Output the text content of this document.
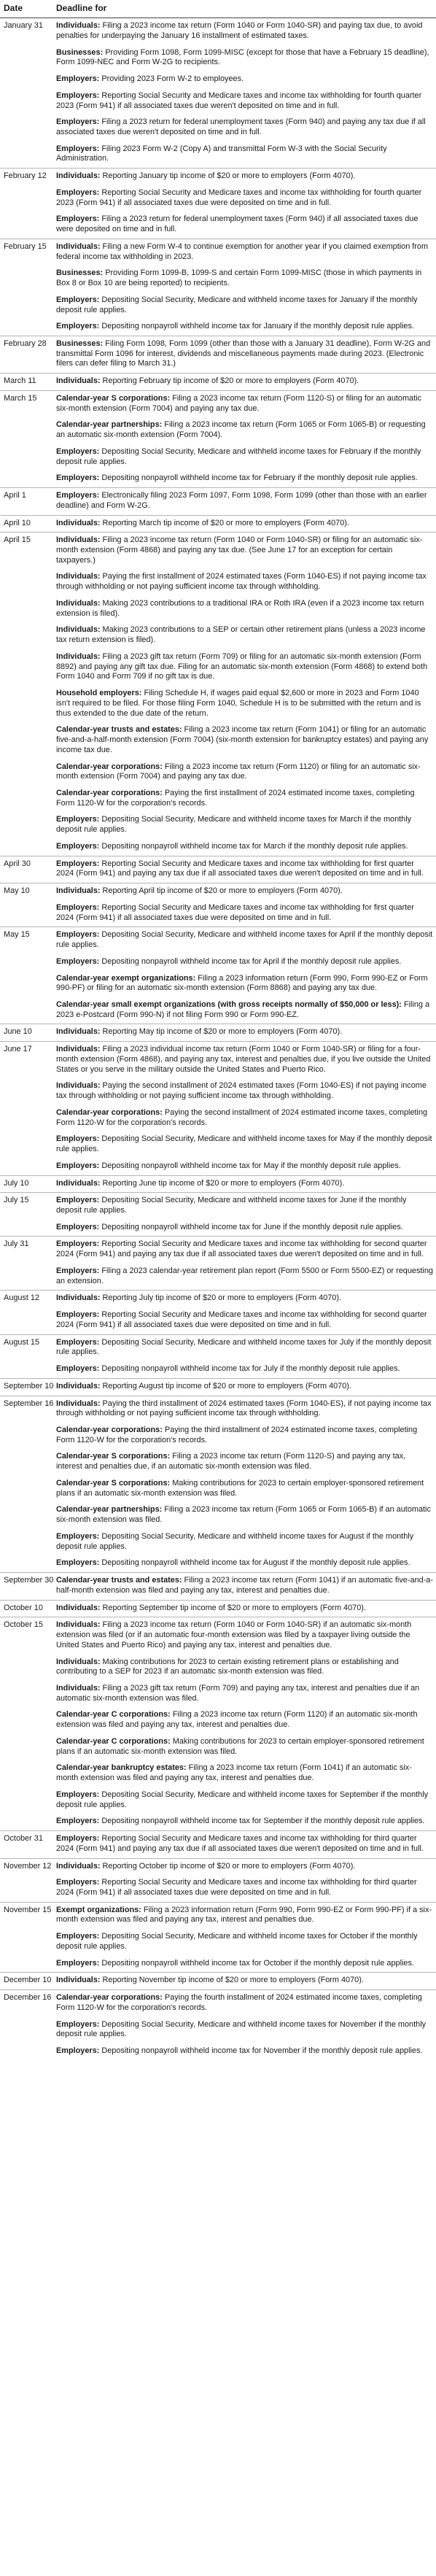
Date	Deadline for
January 31	Individuals: Filing a 2023 income tax return (Form 1040 or Form 1040-SR) and paying tax due, to avoid penalties for underpaying the January 16 installment of estimated taxes.
	Businesses: Providing Form 1098, Form 1099-MISC (except for those that have a February 15 deadline), Form 1099-NEC and Form W-2G to recipients.
	Employers: Providing 2023 Form W-2 to employees.
	Employers: Reporting Social Security and Medicare taxes and income tax withholding for fourth quarter 2023 (Form 941) if all associated taxes due weren't deposited on time and in full.
	Employers: Filing a 2023 return for federal unemployment taxes (Form 940) and paying any tax due if all associated taxes due weren't deposited on time and in full.
	Employers: Filing 2023 Form W-2 (Copy A) and transmittal Form W-3 with the Social Security Administration.
February 12	Individuals: Reporting January tip income of $20 or more to employers (Form 4070).
	Employers: Reporting Social Security and Medicare taxes and income tax withholding for fourth quarter 2023 (Form 941) if all associated taxes due were deposited on time and in full.
	Employers: Filing a 2023 return for federal unemployment taxes (Form 940) if all associated taxes due were deposited on time and in full.
February 15	Individuals: Filing a new Form W-4 to continue exemption for another year if you claimed exemption from federal income tax withholding in 2023.
	Businesses: Providing Form 1099-B, 1099-S and certain Form 1099-MISC (those in which payments in Box 8 or Box 10 are being reported) to recipients.
	Employers: Depositing Social Security, Medicare and withheld income taxes for January if the monthly deposit rule applies.
	Employers: Depositing nonpayroll withheld income tax for January if the monthly deposit rule applies.
February 28	Businesses: Filing Form 1098, Form 1099 (other than those with a January 31 deadline), Form W-2G and transmittal Form 1096 for interest, dividends and miscellaneous payments made during 2023. (Electronic filers can defer filing to March 31.)
March 11	Individuals: Reporting February tip income of $20 or more to employers (Form 4070).
March 15	Calendar-year S corporations: Filing a 2023 income tax return (Form 1120-S) or filing for an automatic six-month extension (Form 7004) and paying any tax due.
	Calendar-year partnerships: Filing a 2023 income tax return (Form 1065 or Form 1065-B) or requesting an automatic six-month extension (Form 7004).
	Employers: Depositing Social Security, Medicare and withheld income taxes for February if the monthly deposit rule applies.
	Employers: Depositing nonpayroll withheld income tax for February if the monthly deposit rule applies.
April 1	Employers: Electronically filing 2023 Form 1097, Form 1098, Form 1099 (other than those with an earlier deadline) and Form W-2G.
April 10	Individuals: Reporting March tip income of $20 or more to employers (Form 4070).
April 15	Individuals: Filing a 2023 income tax return (Form 1040 or Form 1040-SR) or filing for an automatic six-month extension (Form 4868) and paying any tax due. (See June 17 for an exception for certain taxpayers.)
	Individuals: Paying the first installment of 2024 estimated taxes (Form 1040-ES) if not paying income tax through withholding or not paying sufficient income tax through withholding.
	Individuals: Making 2023 contributions to a traditional IRA or Roth IRA (even if a 2023 income tax return extension is filed).
	Individuals: Making 2023 contributions to a SEP or certain other retirement plans (unless a 2023 income tax return extension is filed).
	Individuals: Filing a 2023 gift tax return (Form 709) or filing for an automatic six-month extension (Form 8892) and paying any gift tax due. Filing for an automatic six-month extension (Form 4868) to extend both Form 1040 and Form 709 if no gift tax is due.
	Household employers: Filing Schedule H, if wages paid equal $2,600 or more in 2023 and Form 1040 isn't required to be filed. For those filing Form 1040, Schedule H is to be submitted with the return and is thus extended to the due date of the return.
	Calendar-year trusts and estates: Filing a 2023 income tax return (Form 1041) or filing for an automatic five-and-a-half-month extension (Form 7004) (six-month extension for bankruptcy estates) and paying any income tax due.
	Calendar-year corporations: Filing a 2023 income tax return (Form 1120) or filing for an automatic six-month extension (Form 7004) and paying any tax due.
	Calendar-year corporations: Paying the first installment of 2024 estimated income taxes, completing Form 1120-W for the corporation's records.
	Employers: Depositing Social Security, Medicare and withheld income taxes for March if the monthly deposit rule applies.
	Employers: Depositing nonpayroll withheld income tax for March if the monthly deposit rule applies.
April 30	Employers: Reporting Social Security and Medicare taxes and income tax withholding for first quarter 2024 (Form 941) and paying any tax due if all associated taxes due weren't deposited on time and in full.
May 10	Individuals: Reporting April tip income of $20 or more to employers (Form 4070).
	Employers: Reporting Social Security and Medicare taxes and income tax withholding for first quarter 2024 (Form 941) if all associated taxes due were deposited on time and in full.
May 15	Employers: Depositing Social Security, Medicare and withheld income taxes for April if the monthly deposit rule applies.
	Employers: Depositing nonpayroll withheld income tax for April if the monthly deposit rule applies.
	Calendar-year exempt organizations: Filing a 2023 information return (Form 990, Form 990-EZ or Form 990-PF) or filing for an automatic six-month extension (Form 8868) and paying any tax due.
	Calendar-year small exempt organizations (with gross receipts normally of $50,000 or less): Filing a 2023 e-Postcard (Form 990-N) if not filing Form 990 or Form 990-EZ.
June 10	Individuals: Reporting May tip income of $20 or more to employers (Form 4070).
June 17	Individuals: Filing a 2023 individual income tax return (Form 1040 or Form 1040-SR) or filing for a four-month extension (Form 4868), and paying any tax, interest and penalties due, if you live outside the United States or you serve in the military outside the United States and Puerto Rico.
	Individuals: Paying the second installment of 2024 estimated taxes (Form 1040-ES) if not paying income tax through withholding or not paying sufficient income tax through withholding.
	Calendar-year corporations: Paying the second installment of 2024 estimated income taxes, completing Form 1120-W for the corporation's records.
	Employers: Depositing Social Security, Medicare and withheld income taxes for May if the monthly deposit rule applies.
	Employers: Depositing nonpayroll withheld income tax for May if the monthly deposit rule applies.
July 10	Individuals: Reporting June tip income of $20 or more to employers (Form 4070).
July 15	Employers: Depositing Social Security, Medicare and withheld income taxes for June if the monthly deposit rule applies.
	Employers: Depositing nonpayroll withheld income tax for June if the monthly deposit rule applies.
July 31	Employers: Reporting Social Security and Medicare taxes and income tax withholding for second quarter 2024 (Form 941) and paying any tax due if all associated taxes due weren't deposited on time and in full.
	Employers: Filing a 2023 calendar-year retirement plan report (Form 5500 or Form 5500-EZ) or requesting an extension.
August 12	Individuals: Reporting July tip income of $20 or more to employers (Form 4070).
	Employers: Reporting Social Security and Medicare taxes and income tax withholding for second quarter 2024 (Form 941) if all associated taxes due were deposited on time and in full.
August 15	Employers: Depositing Social Security, Medicare and withheld income taxes for July if the monthly deposit rule applies.
	Employers: Depositing nonpayroll withheld income tax for July if the monthly deposit rule applies.
September 10	Individuals: Reporting August tip income of $20 or more to employers (Form 4070).
September 16	Individuals: Paying the third installment of 2024 estimated taxes (Form 1040-ES), if not paying income tax through withholding or not paying sufficient income tax through withholding.
	Calendar-year corporations: Paying the third installment of 2024 estimated income taxes, completing Form 1120-W for the corporation's records.
	Calendar-year S corporations: Filing a 2023 income tax return (Form 1120-S) and paying any tax, interest and penalties due, if an automatic six-month extension was filed.
	Calendar-year S corporations: Making contributions for 2023 to certain employer-sponsored retirement plans if an automatic six-month extension was filed.
	Calendar-year partnerships: Filing a 2023 income tax return (Form 1065 or Form 1065-B) if an automatic six-month extension was filed.
	Employers: Depositing Social Security, Medicare and withheld income taxes for August if the monthly deposit rule applies.
	Employers: Depositing nonpayroll withheld income tax for August if the monthly deposit rule applies.
September 30	Calendar-year trusts and estates: Filing a 2023 income tax return (Form 1041) if an automatic five-and-a-half-month extension was filed and paying any tax, interest and penalties due.
October 10	Individuals: Reporting September tip income of $20 or more to employers (Form 4070).
October 15	Individuals: Filing a 2023 income tax return (Form 1040 or Form 1040-SR) if an automatic six-month extension was filed (or if an automatic four-month extension was filed by a taxpayer living outside the United States and Puerto Rico) and paying any tax, interest and penalties due.
	Individuals: Making contributions for 2023 to certain existing retirement plans or establishing and contributing to a SEP for 2023 if an automatic six-month extension was filed.
	Individuals: Filing a 2023 gift tax return (Form 709) and paying any tax, interest and penalties due if an automatic six-month extension was filed.
	Calendar-year C corporations: Filing a 2023 income tax return (Form 1120) if an automatic six-month extension was filed and paying any tax, interest and penalties due.
	Calendar-year C corporations: Making contributions for 2023 to certain employer-sponsored retirement plans if an automatic six-month extension was filed.
	Calendar-year bankruptcy estates: Filing a 2023 income tax return (Form 1041) if an automatic six-month extension was filed and paying any tax, interest and penalties due.
	Employers: Depositing Social Security, Medicare and withheld income taxes for September if the monthly deposit rule applies.
	Employers: Depositing nonpayroll withheld income tax for September if the monthly deposit rule applies.
October 31	Employers: Reporting Social Security and Medicare taxes and income tax withholding for third quarter 2024 (Form 941) and paying any tax due if all associated taxes due weren't deposited on time and in full.
November 12	Individuals: Reporting October tip income of $20 or more to employers (Form 4070).
	Employers: Reporting Social Security and Medicare taxes and income tax withholding for third quarter 2024 (Form 941) if all associated taxes due were deposited on time and in full.
November 15	Exempt organizations: Filing a 2023 information return (Form 990, Form 990-EZ or Form 990-PF) if a six-month extension was filed and paying any tax, interest and penalties due.
	Employers: Depositing Social Security, Medicare and withheld income taxes for October if the monthly deposit rule applies.
	Employers: Depositing nonpayroll withheld income tax for October if the monthly deposit rule applies.
December 10	Individuals: Reporting November tip income of $20 or more to employers (Form 4070).
December 16	Calendar-year corporations: Paying the fourth installment of 2024 estimated income taxes, completing Form 1120-W for the corporation's records.
	Employers: Depositing Social Security, Medicare and withheld income taxes for November if the monthly deposit rule applies.
	Employers: Depositing nonpayroll withheld income tax for November if the monthly deposit rule applies.
